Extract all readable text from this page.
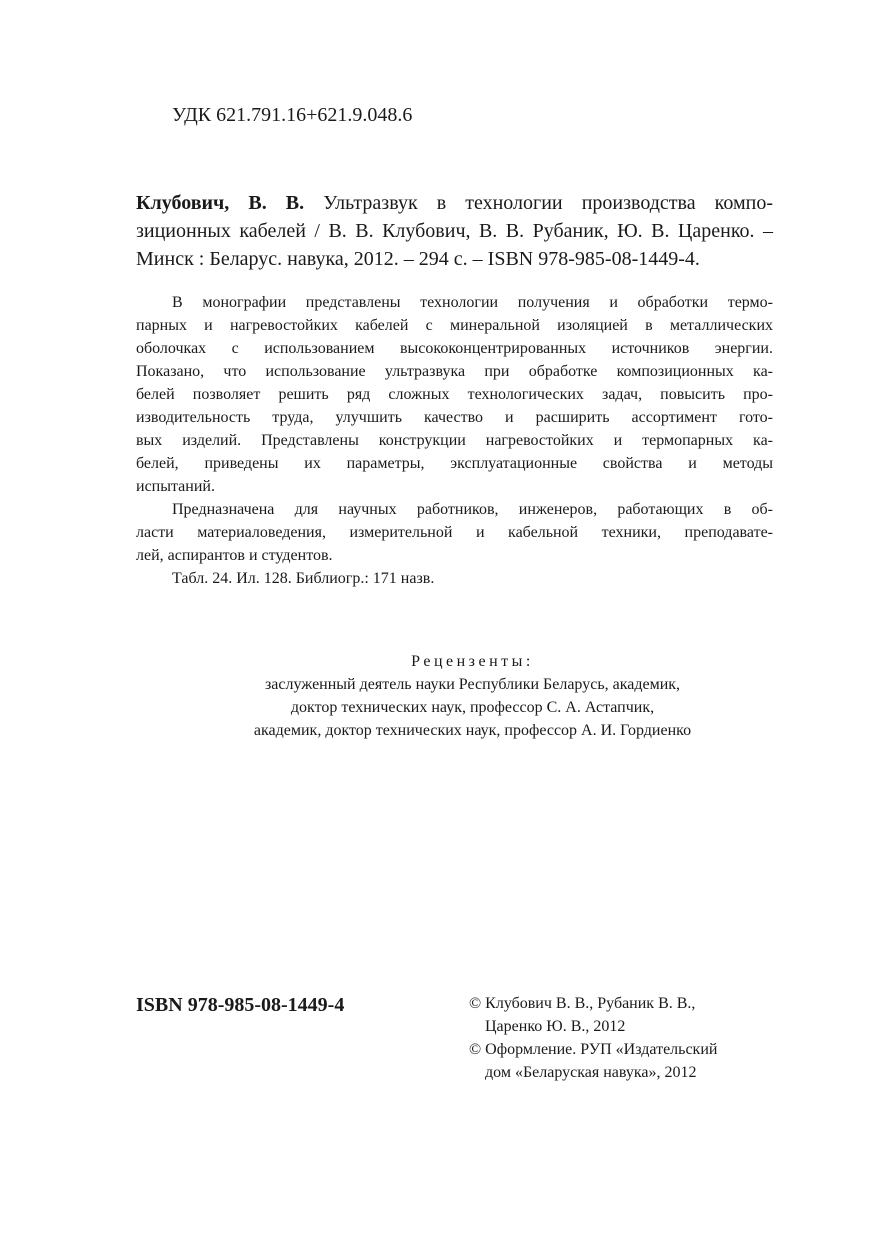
УДК 621.791.16+621.9.048.6
Клубович, В. В. Ультразвук в технологии производства компо-
зиционных кабелей / В. В. Клубович, В. В. Рубаник, Ю. В. Царенко. –
Минск : Беларус. навука, 2012. – 294 с. – ISBN 978-985-08-1449-4.
В монографии представлены технологии получения и обработки термо-
парных и нагревостойких кабелей с минеральной изоляцией в металлических
оболочках с использованием высококонцентрированных источников энергии.
Показано, что использование ультразвука при обработке композиционных ка-
белей позволяет решить ряд сложных технологических задач, повысить про-
изводительность труда, улучшить качество и расширить ассортимент гото-
вых изделий. Представлены конструкции нагревостойких и термопарных ка-
белей, приведены их параметры, эксплуатационные свойства и методы
испытаний.
Предназначена для научных работников, инженеров, работающих в об-
ласти материаловедения, измерительной и кабельной техники, преподавате-
лей, аспирантов и студентов.
Табл. 24. Ил. 128. Библиогр.: 171 назв.
Рецензенты:
заслуженный деятель науки Республики Беларусь, академик,
доктор технических наук, профессор С. А. Астапчик,
академик, доктор технических наук, профессор А. И. Гордиенко
ISBN 978-985-08-1449-4	© Клубович В. В., Рубаник В. В.,
Царенко Ю. В., 2012
© Оформление. РУП «Издательский
дом «Беларуская навука», 2012
